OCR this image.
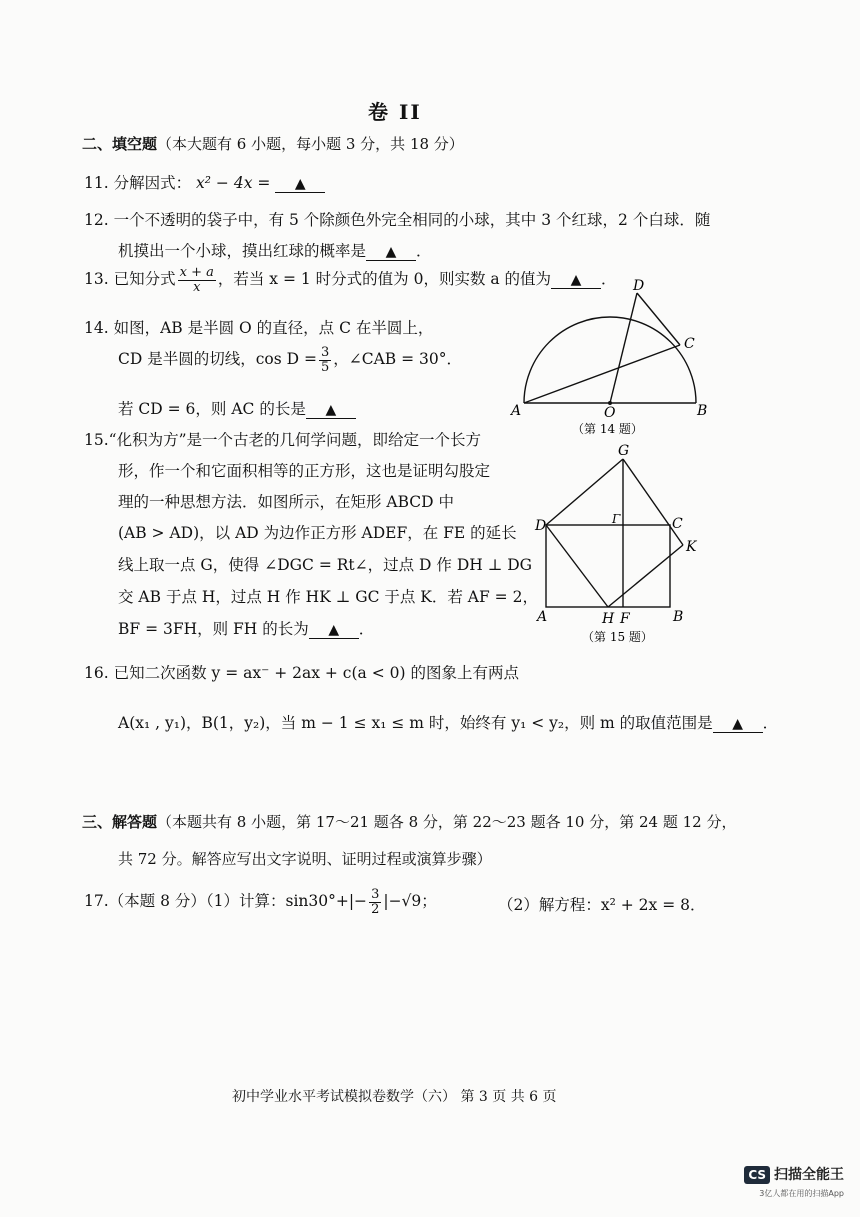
卷 II
二、填空题（本大题有 6 小题，每小题 3 分，共 18 分）
11. 分解因式： x² − 4x = ▲
12. 一个不透明的袋子中，有 5 个除颜色外完全相同的小球，其中 3 个红球，2 个白球．随
机摸出一个小球，摸出红球的概率是 ▲ ．
13. 已知分式 $\frac{x + a}{x}$ ，若当 x = 1 时分式的值为 0，则实数 a 的值为 ▲ ．
14. 如图，AB 是半圆 O 的直径，点 C 在半圆上，
CD 是半圆的切线，$\cos D = \frac{3}{5}$ ，∠CAB = 30°．
若 CD = 6，则 AC 的长是 ▲	A	O	B
C
D
（第 14 题）
15.“化积为方”是一个古老的几何学问题，即给定一个长方
形，作一个和它面积相等的正方形，这也是证明勾股定
理的一种思想方法．如图所示，在矩形 ABCD 中
(AB > AD)，以 AD 为边作正方形 ADEF，在 FE 的延长
线上取一点 G，使得 ∠DGC = Rt∠，过点 D 作 DH ⊥ DG
交 AB 于点 H，过点 H 作 HK ⊥ GC 于点 K．若 AF = 2，
BF = 3FH，则 FH 的长为 ▲ ．
D
G
C
K
Γ
A	H F	B
（第 15 题）
16. 已知二次函数 y = ax⁻ + 2ax + c(a < 0) 的图象上有两点
A(x₁ , y₁)，B(1，y₂)，当 m − 1 ≤ x₁ ≤ m 时，始终有 y₁ < y₂，则 m 的取值范围是 ▲ ．
三、解答题（本题共有 8 小题，第 17～21 题各 8 分，第 22～23 题各 10 分，第 24 题 12 分，
共 72 分。解答应写出文字说明、证明过程或演算步骤）
17.（本题 8 分）（1）计算：$\sin 30^\circ+|- \frac{3}{2} |-√9$；	（2）解方程：x² + 2x = 8．
初中学业水平考试模拟卷数学（六） 第 3 页 共 6 页
CS 扫描全能王
3亿人都在用的扫描App
